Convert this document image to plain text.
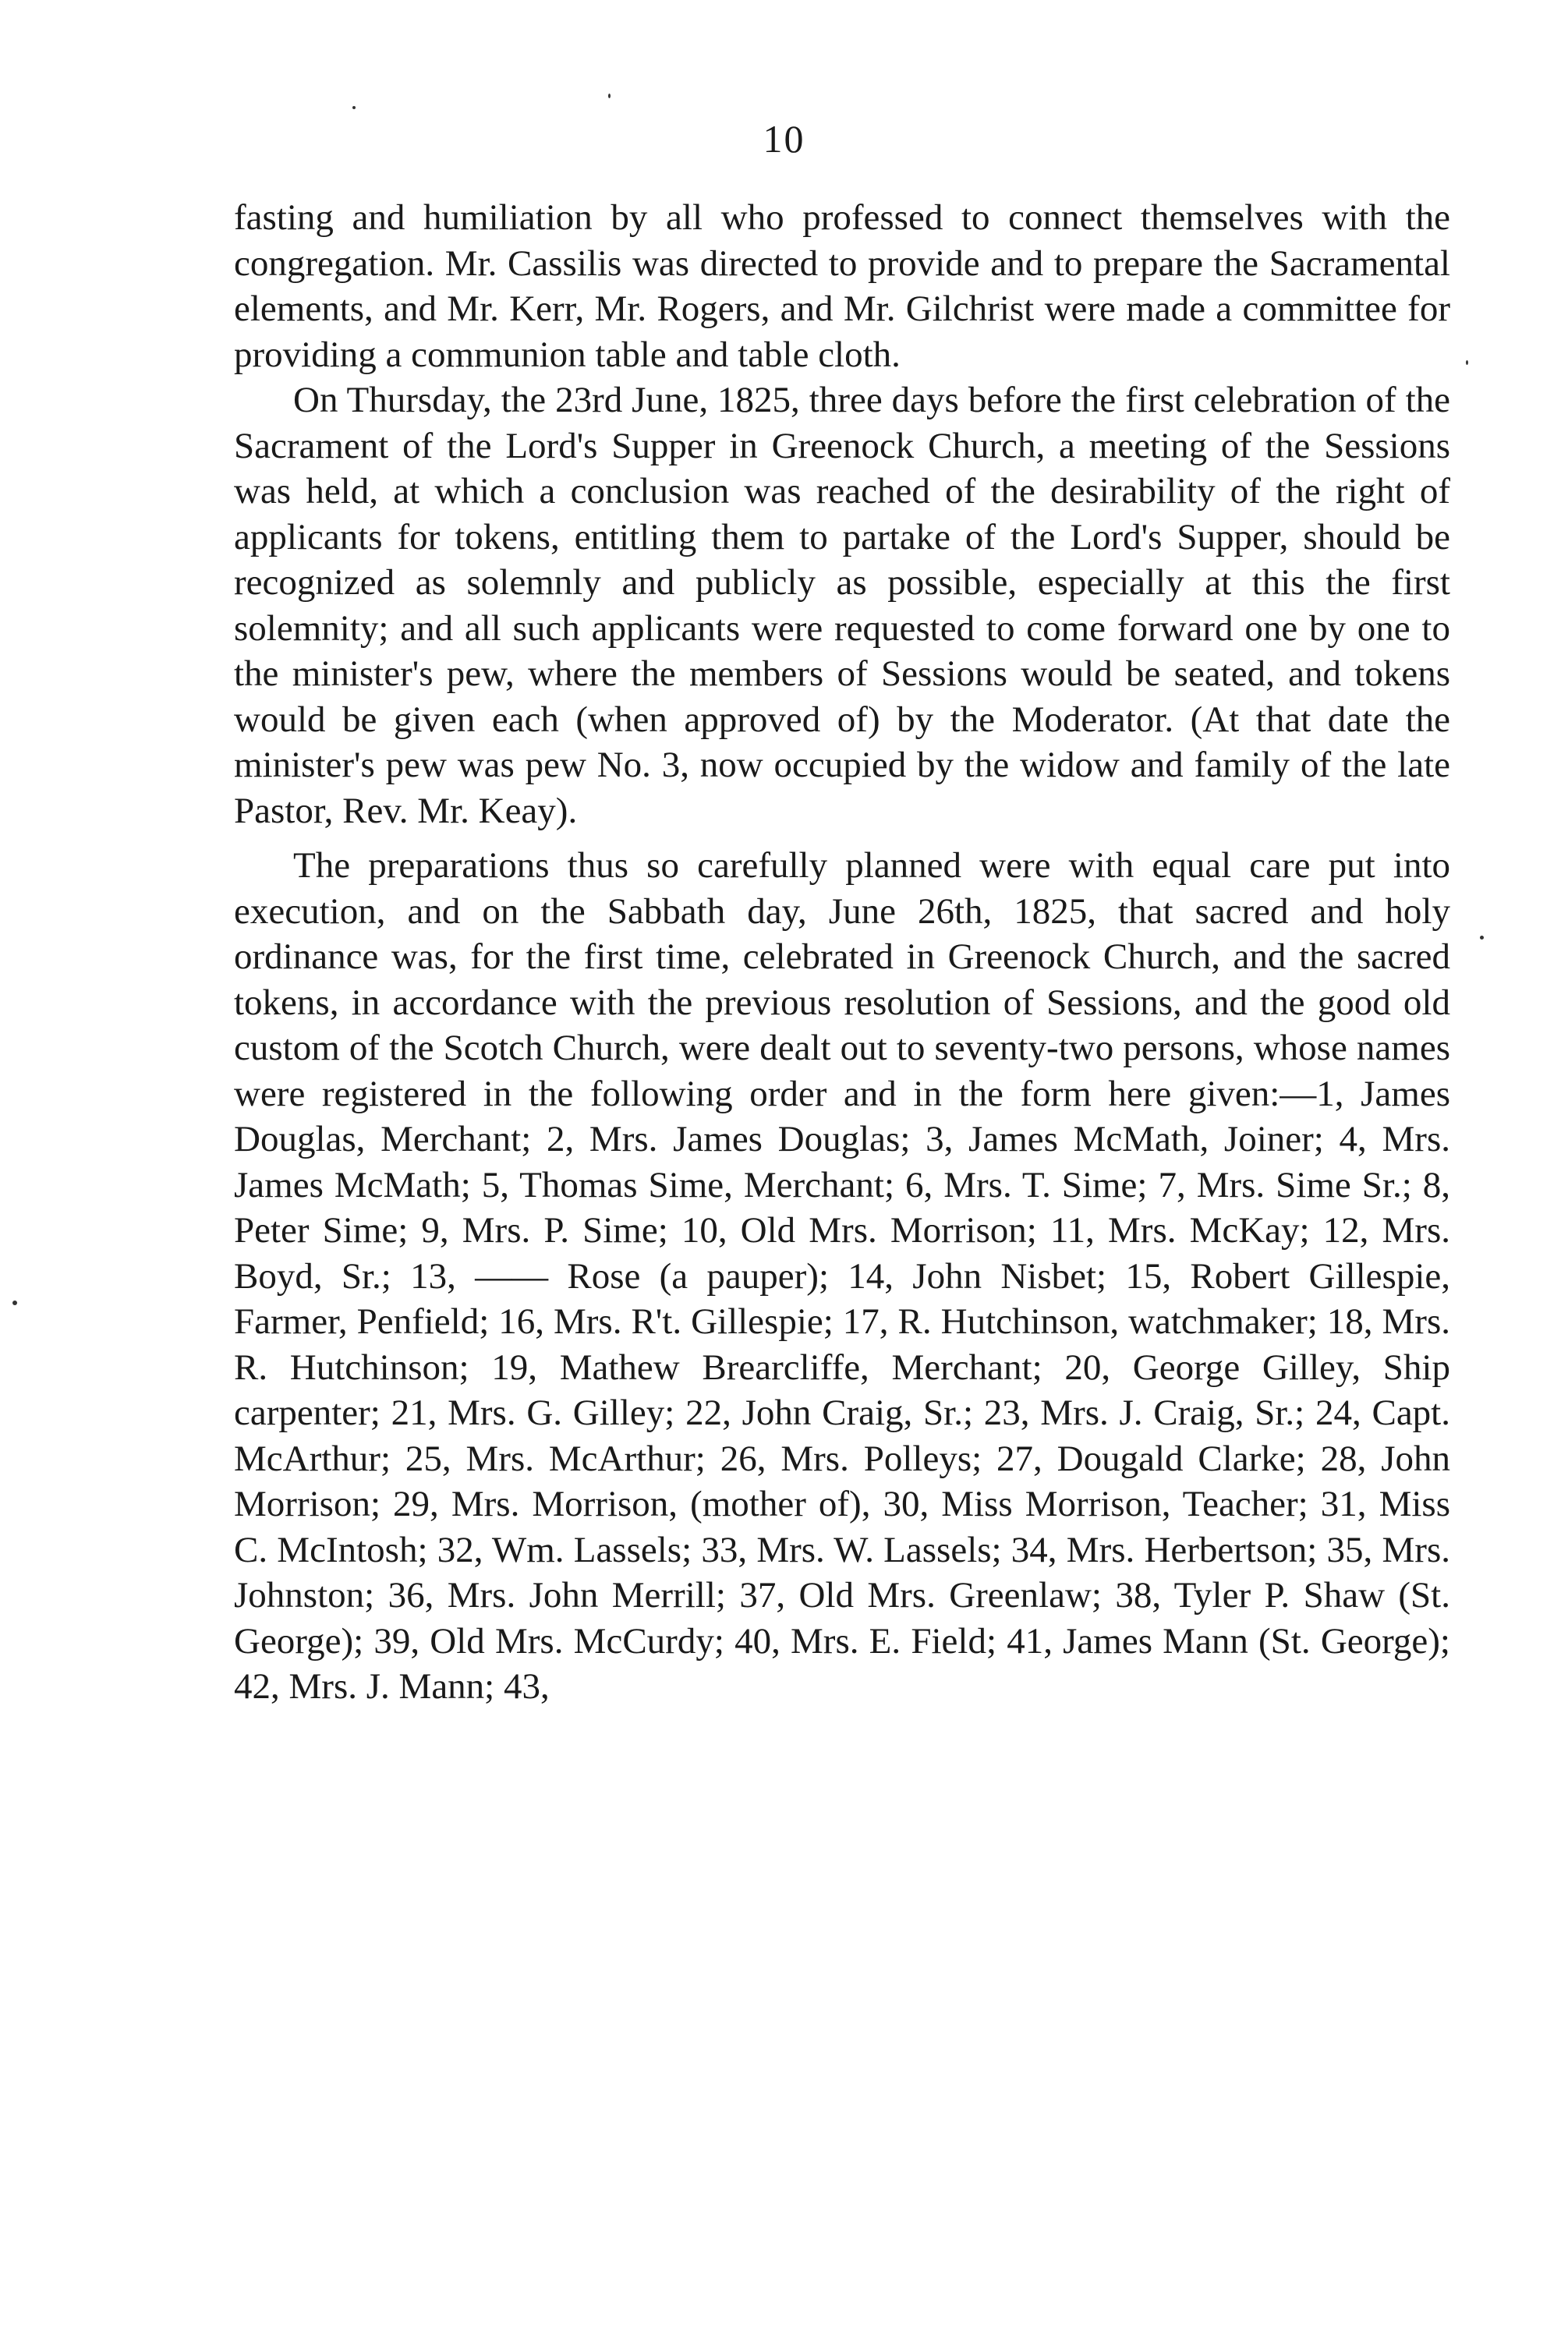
10

fasting and humiliation by all who professed to connect themselves with the congregation. Mr. Cassilis was directed to provide and to prepare the Sacramental elements, and Mr. Kerr, Mr. Rogers, and Mr. Gilchrist were made a committee for providing a communion table and table cloth.

On Thursday, the 23rd June, 1825, three days before the first celebration of the Sacrament of the Lord's Supper in Greenock Church, a meeting of the Sessions was held, at which a conclusion was reached of the desirability of the right of applicants for tokens, entitling them to partake of the Lord's Supper, should be recognized as solemnly and publicly as possible, especially at this the first solemnity; and all such applicants were requested to come forward one by one to the minister's pew, where the members of Sessions would be seated, and tokens would be given each (when approved of) by the Moderator. (At that date the minister's pew was pew No. 3, now occupied by the widow and family of the late Pastor, Rev. Mr. Keay).

The preparations thus so carefully planned were with equal care put into execution, and on the Sabbath day, June 26th, 1825, that sacred and holy ordinance was, for the first time, celebrated in Greenock Church, and the sacred tokens, in accordance with the previous resolution of Sessions, and the good old custom of the Scotch Church, were dealt out to seventy-two persons, whose names were registered in the following order and in the form here given:—1, James Douglas, Merchant; 2, Mrs. James Douglas; 3, James McMath, Joiner; 4, Mrs. James McMath; 5, Thomas Sime, Merchant; 6, Mrs. T. Sime; 7, Mrs. Sime Sr.; 8, Peter Sime; 9, Mrs. P. Sime; 10, Old Mrs. Morrison; 11, Mrs. McKay; 12, Mrs. Boyd, Sr.; 13, —— Rose (a pauper); 14, John Nisbet; 15, Robert Gillespie, Farmer, Penfield; 16, Mrs. R't. Gillespie; 17, R. Hutchinson, watchmaker; 18, Mrs. R. Hutchinson; 19, Mathew Brearcliffe, Merchant; 20, George Gilley, Ship carpenter; 21, Mrs. G. Gilley; 22, John Craig, Sr.; 23, Mrs. J. Craig, Sr.; 24, Capt. McArthur; 25, Mrs. McArthur; 26, Mrs. Polleys; 27, Dougald Clarke; 28, John Morrison; 29, Mrs. Morrison, (mother of), 30, Miss Morrison, Teacher; 31, Miss C. McIntosh; 32, Wm. Lassels; 33, Mrs. W. Lassels; 34, Mrs. Herbertson; 35, Mrs. Johnston; 36, Mrs. John Merrill; 37, Old Mrs. Greenlaw; 38, Tyler P. Shaw (St. George); 39, Old Mrs. McCurdy; 40, Mrs. E. Field; 41, James Mann (St. George); 42, Mrs. J. Mann; 43,
